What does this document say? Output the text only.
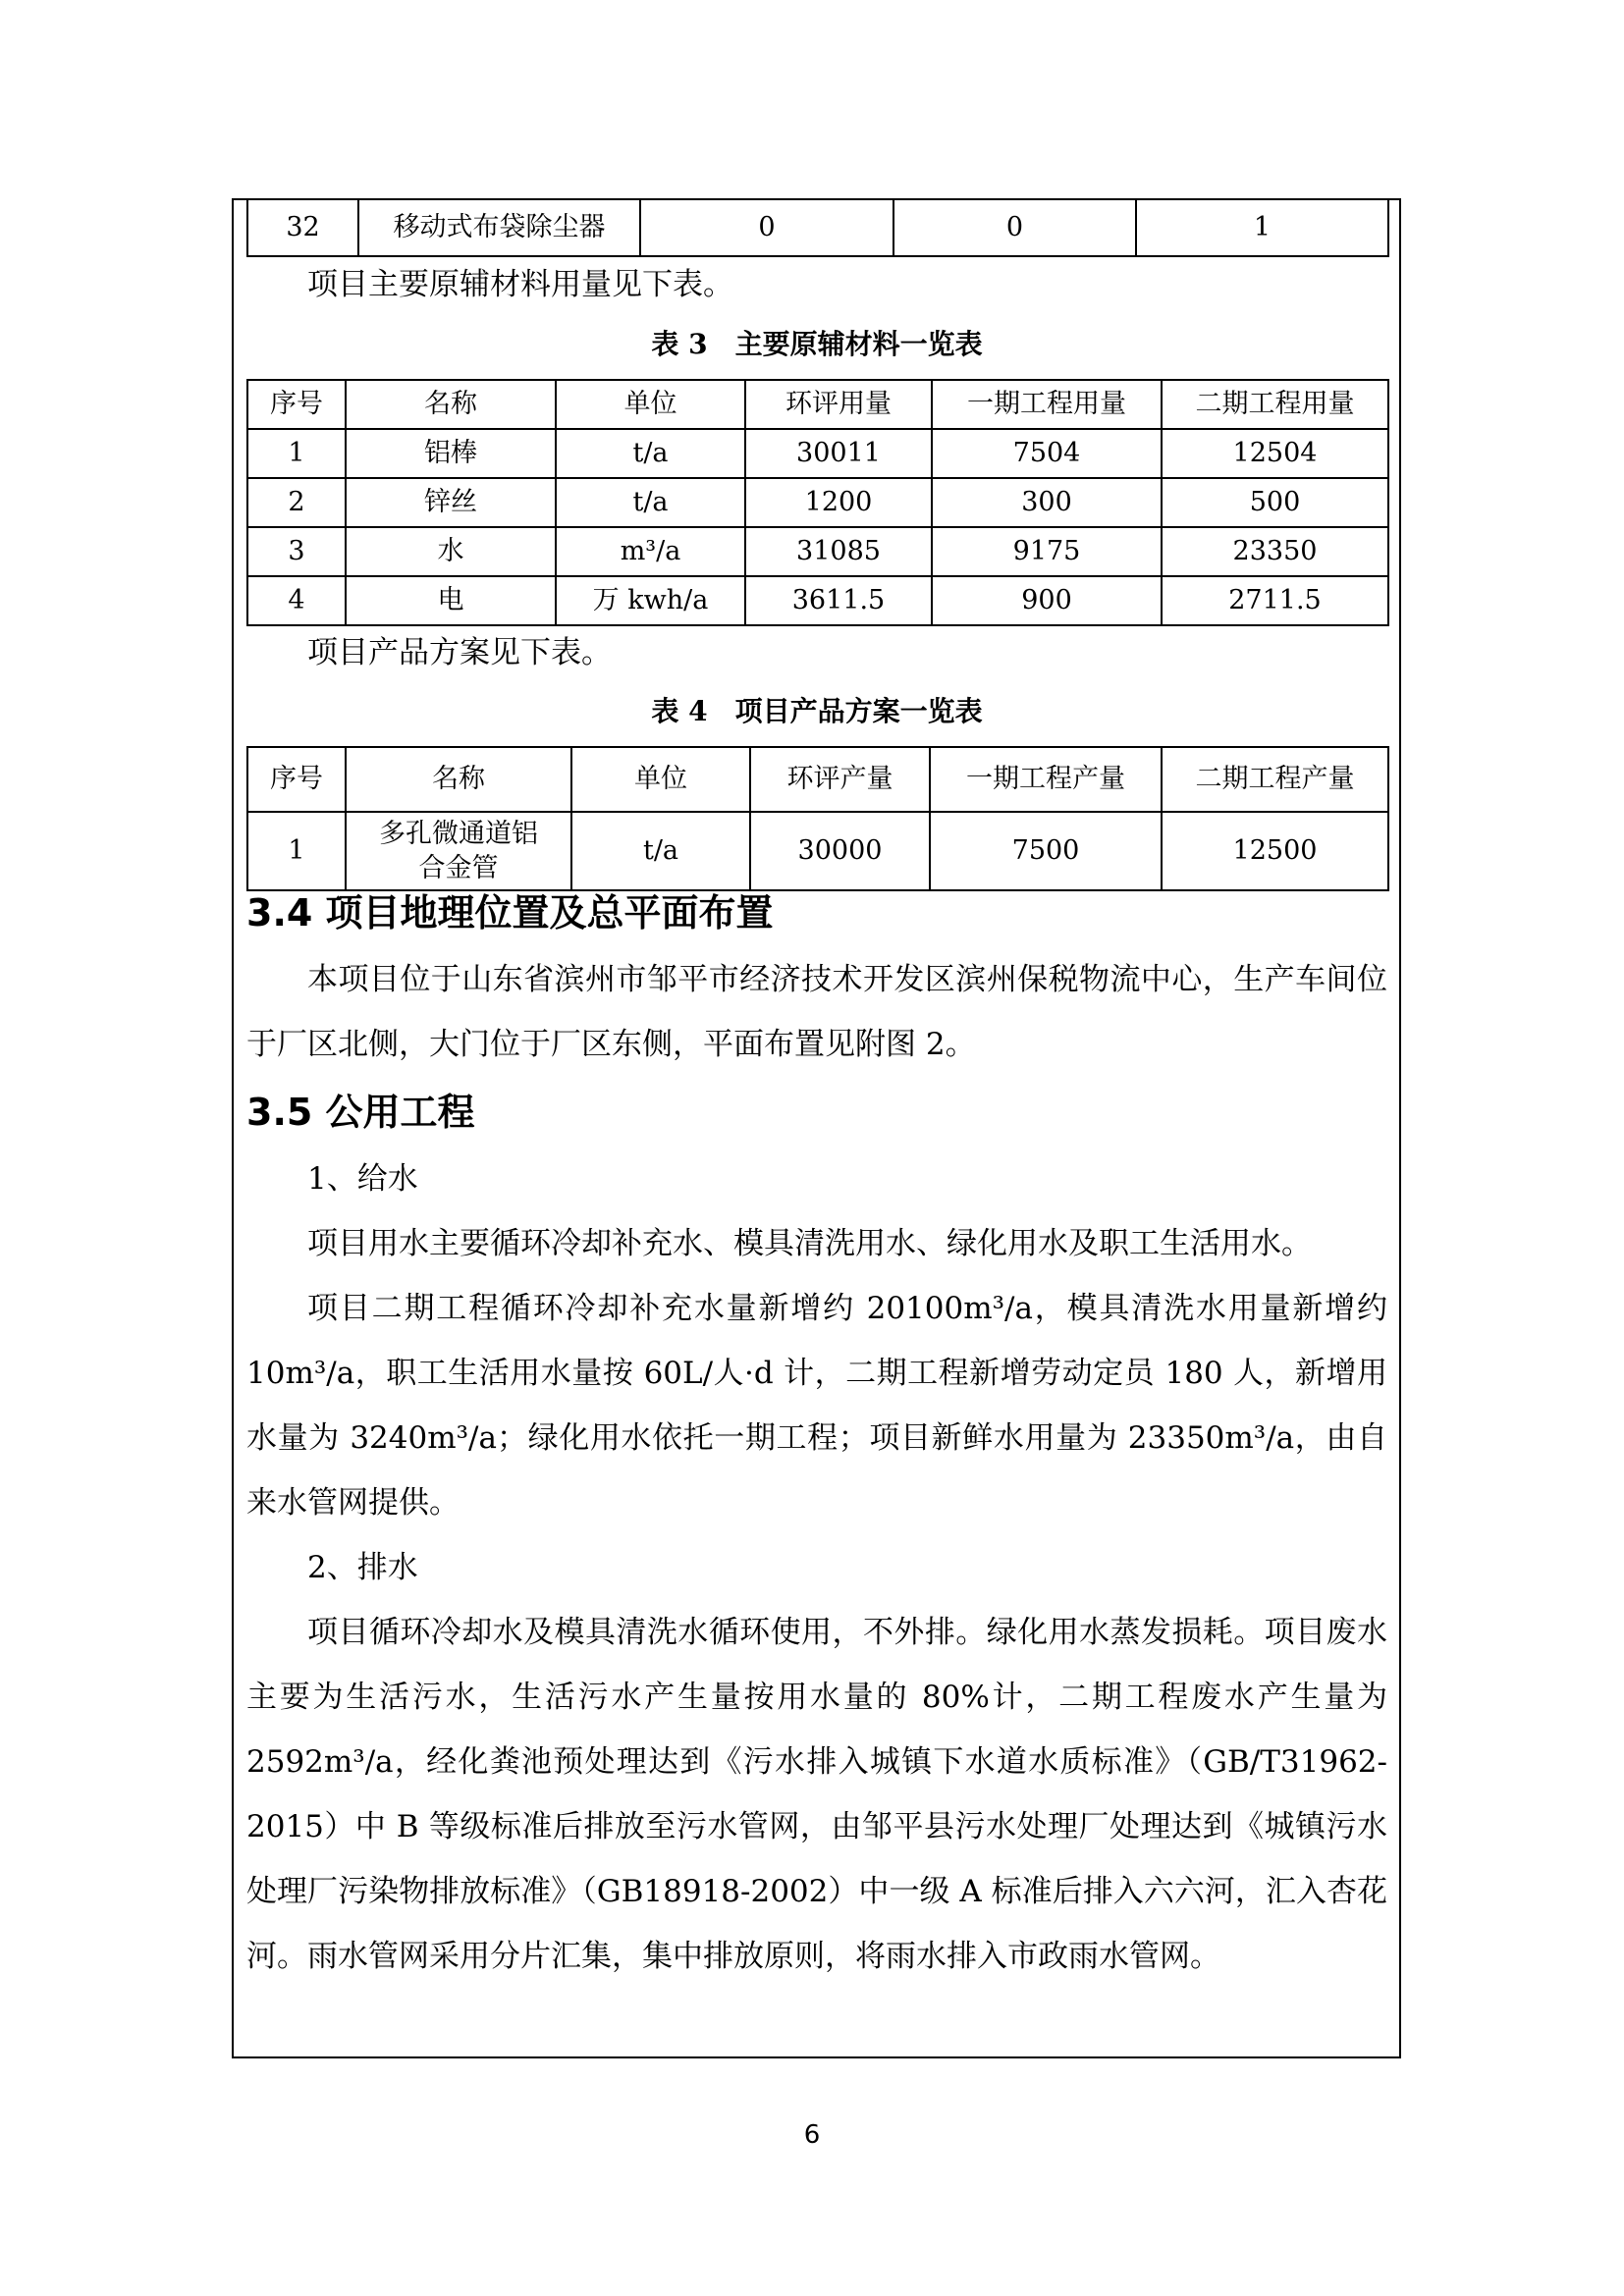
32	移动式布袋除尘器	0	0	1

项目主要原辅材料用量见下表。

表 3　主要原辅材料一览表

序号	名称	单位	环评用量	一期工程用量	二期工程用量
1	铝棒	t/a	30011	7504	12504
2	锌丝	t/a	1200	300	500
3	水	m³/a	31085	9175	23350
4	电	万 kwh/a	3611.5	900	2711.5

项目产品方案见下表。

表 4　项目产品方案一览表

序号	名称	单位	环评产量	一期工程产量	二期工程产量
1	多孔微通道铝合金管	t/a	30000	7500	12500
3.4 项目地理位置及总平面布置

本项目位于山东省滨州市邹平市经济技术开发区滨州保税物流中心，生产车间位于厂区北侧，大门位于厂区东侧，平面布置见附图 2。

3.5 公用工程

1、给水

项目用水主要循环冷却补充水、模具清洗用水、绿化用水及职工生活用水。

项目二期工程循环冷却补充水量新增约 20100m³/a，模具清洗水用量新增约 10m³/a，职工生活用水量按 60L/人·d 计，二期工程新增劳动定员 180 人，新增用水量为 3240m³/a；绿化用水依托一期工程；项目新鲜水用量为 23350m³/a，由自来水管网提供。

2、排水

项目循环冷却水及模具清洗水循环使用，不外排。绿化用水蒸发损耗。项目废水主要为生活污水，生活污水产生量按用水量的 80%计，二期工程废水产生量为 2592m³/a，经化粪池预处理达到《污水排入城镇下水道水质标准》（GB/T31962-2015）中 B 等级标准后排放至污水管网，由邹平县污水处理厂处理达到《城镇污水处理厂污染物排放标准》（GB18918-2002）中一级 A 标准后排入六六河，汇入杏花河。雨水管网采用分片汇集，集中排放原则，将雨水排入市政雨水管网。

6
